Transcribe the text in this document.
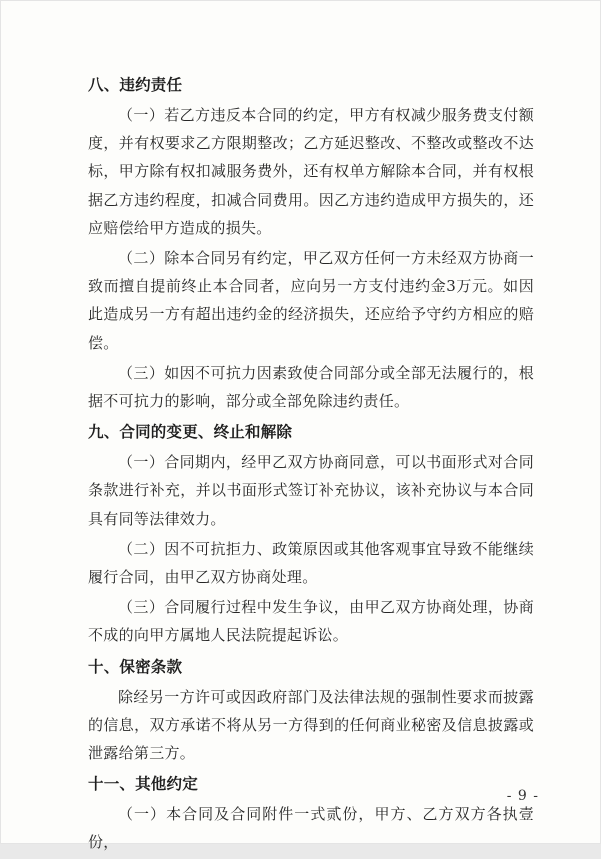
八、违约责任

（一）若乙方违反本合同的约定，甲方有权减少服务费支付额度，并有权要求乙方限期整改；乙方延迟整改、不整改或整改不达标，甲方除有权扣减服务费外，还有权单方解除本合同，并有权根据乙方违约程度，扣减合同费用。因乙方违约造成甲方损失的，还应赔偿给甲方造成的损失。

（二）除本合同另有约定，甲乙双方任何一方未经双方协商一致而擅自提前终止本合同者，应向另一方支付违约金3万元。如因此造成另一方有超出违约金的经济损失，还应给予守约方相应的赔偿。

（三）如因不可抗力因素致使合同部分或全部无法履行的，根据不可抗力的影响，部分或全部免除违约责任。

九、合同的变更、终止和解除

（一）合同期内，经甲乙双方协商同意，可以书面形式对合同条款进行补充，并以书面形式签订补充协议，该补充协议与本合同具有同等法律效力。

（二）因不可抗拒力、政策原因或其他客观事宜导致不能继续履行合同，由甲乙双方协商处理。

（三）合同履行过程中发生争议，由甲乙双方协商处理，协商不成的向甲方属地人民法院提起诉讼。

十、保密条款

除经另一方许可或因政府部门及法律法规的强制性要求而披露的信息，双方承诺不将从另一方得到的任何商业秘密及信息披露或泄露给第三方。

十一、其他约定

（一）本合同及合同附件一式贰份，甲方、乙方双方各执壹份，

- 9 -
